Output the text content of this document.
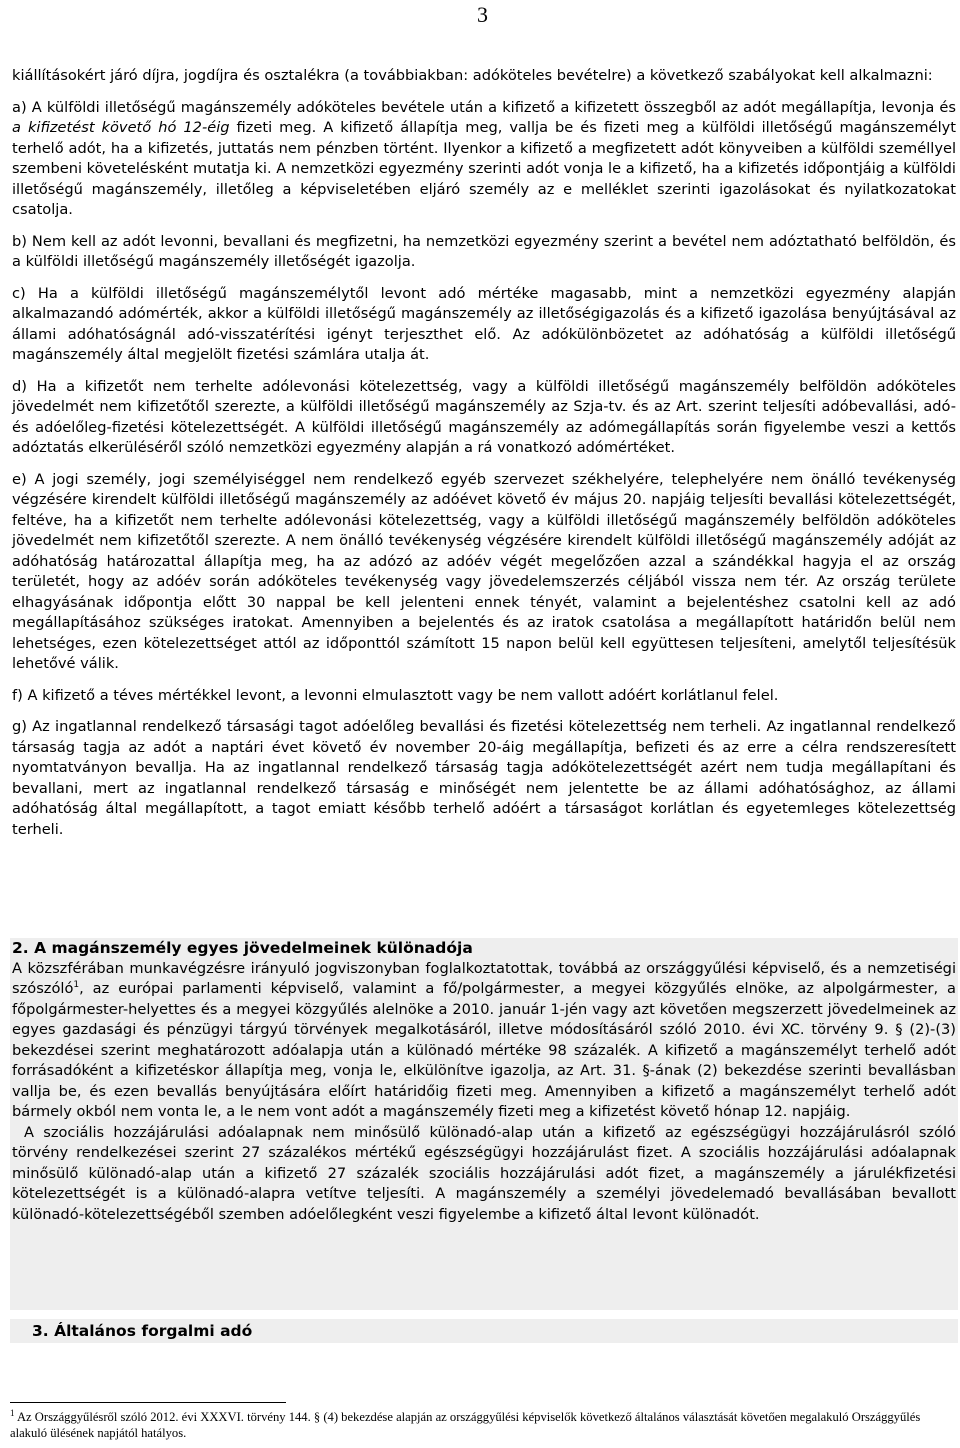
3

kiállításokért járó díjra, jogdíjra és osztalékra (a továbbiakban: adóköteles bevételre) a következő szabályokat kell alkalmazni:

a) A külföldi illetőségű magánszemély adóköteles bevétele után a kifizető a kifizetett összegből az adót megállapítja, levonja és a kifizetést követő hó 12-éig fizeti meg. A kifizető állapítja meg, vallja be és fizeti meg a külföldi illetőségű magánszemélyt terhelő adót, ha a kifizetés, juttatás nem pénzben történt. Ilyenkor a kifizető a megfizetett adót könyveiben a külföldi személlyel szembeni követelésként mutatja ki. A nemzetközi egyezmény szerinti adót vonja le a kifizető, ha a kifizetés időpontjáig a külföldi illetőségű magánszemély, illetőleg a képviseletében eljáró személy az e melléklet szerinti igazolásokat és nyilatkozatokat csatolja.

b) Nem kell az adót levonni, bevallani és megfizetni, ha nemzetközi egyezmény szerint a bevétel nem adóztatható belföldön, és a külföldi illetőségű magánszemély illetőségét igazolja.

c) Ha a külföldi illetőségű magánszemélytől levont adó mértéke magasabb, mint a nemzetközi egyezmény alapján alkalmazandó adómérték, akkor a külföldi illetőségű magánszemély az illetőségigazolás és a kifizető igazolása benyújtásával az állami adóhatóságnál adó-visszatérítési igényt terjeszthet elő. Az adókülönbözetet az adóhatóság a külföldi illetőségű magánszemély által megjelölt fizetési számlára utalja át.

d) Ha a kifizetőt nem terhelte adólevonási kötelezettség, vagy a külföldi illetőségű magánszemély belföldön adóköteles jövedelmét nem kifizetőtől szerezte, a külföldi illetőségű magánszemély az Szja-tv. és az Art. szerint teljesíti adóbevallási, adó- és adóelőleg-fizetési kötelezettségét. A külföldi illetőségű magánszemély az adómegállapítás során figyelembe veszi a kettős adóztatás elkerüléséről szóló nemzetközi egyezmény alapján a rá vonatkozó adómértéket.

e) A jogi személy, jogi személyiséggel nem rendelkező egyéb szervezet székhelyére, telephelyére nem önálló tevékenység végzésére kirendelt külföldi illetőségű magánszemély az adóévet követő év május 20. napjáig teljesíti bevallási kötelezettségét, feltéve, ha a kifizetőt nem terhelte adólevonási kötelezettség, vagy a külföldi illetőségű magánszemély belföldön adóköteles jövedelmét nem kifizetőtől szerezte. A nem önálló tevékenység végzésére kirendelt külföldi illetőségű magánszemély adóját az adóhatóság határozattal állapítja meg, ha az adózó az adóév végét megelőzően azzal a szándékkal hagyja el az ország területét, hogy az adóév során adóköteles tevékenység vagy jövedelemszerzés céljából vissza nem tér. Az ország területe elhagyásának időpontja előtt 30 nappal be kell jelenteni ennek tényét, valamint a bejelentéshez csatolni kell az adó megállapításához szükséges iratokat. Amennyiben a bejelentés és az iratok csatolása a megállapított határidőn belül nem lehetséges, ezen kötelezettséget attól az időponttól számított 15 napon belül kell együttesen teljesíteni, amelytől teljesítésük lehetővé válik.

f) A kifizető a téves mértékkel levont, a levonni elmulasztott vagy be nem vallott adóért korlátlanul felel.

g) Az ingatlannal rendelkező társasági tagot adóelőleg bevallási és fizetési kötelezettség nem terheli. Az ingatlannal rendelkező társaság tagja az adót a naptári évet követő év november 20-áig megállapítja, befizeti és az erre a célra rendszeresített nyomtatványon bevallja. Ha az ingatlannal rendelkező társaság tagja adókötelezettségét azért nem tudja megállapítani és bevallani, mert az ingatlannal rendelkező társaság e minőségét nem jelentette be az állami adóhatósághoz, az állami adóhatóság által megállapított, a tagot emiatt később terhelő adóért a társaságot korlátlan és egyetemleges kötelezettség terheli.

2. A magánszemély egyes jövedelmeinek különadója

A közszférában munkavégzésre irányuló jogviszonyban foglalkoztatottak, továbbá az országgyűlési képviselő, és a nemzetiségi szószóló$^1$, az európai parlamenti képviselő, valamint a fő/polgármester, a megyei közgyűlés elnöke, az alpolgármester, a főpolgármester-helyettes és a megyei közgyűlés alelnöke a 2010. január 1-jén vagy azt követően megszerzett jövedelmeinek az egyes gazdasági és pénzügyi tárgyú törvények megalkotásáról, illetve módosításáról szóló 2010. évi XC. törvény 9. § (2)-(3) bekezdései szerint meghatározott adóalapja után a különadó mértéke 98 százalék. A kifizető a magánszemélyt terhelő adót forrásadóként a kifizetéskor állapítja meg, vonja le, elkülönítve igazolja, az Art. 31. §-ának (2) bekezdése szerinti bevallásban vallja be, és ezen bevallás benyújtására előírt határidőig fizeti meg. Amennyiben a kifizető a magánszemélyt terhelő adót bármely okból nem vonta le, a le nem vont adót a magánszemély fizeti meg a kifizetést követő hónap 12. napjáig.

A szociális hozzájárulási adóalapnak nem minősülő különadó-alap után a kifizető az egészségügyi hozzájárulásról szóló törvény rendelkezései szerint 27 százalékos mértékű egészségügyi hozzájárulást fizet. A szociális hozzájárulási adóalapnak minősülő különadó-alap után a kifizető 27 százalék szociális hozzájárulási adót fizet, a magánszemély a járulékfizetési kötelezettségét is a különadó-alapra vetítve teljesíti. A magánszemély a személyi jövedelemadó bevallásában bevallott különadó-kötelezettségéből szemben adóelőlegként veszi figyelembe a kifizető által levont különadót.

3. Általános forgalmi adó
$^1$ Az Országgyűlésről szóló 2012. évi XXXVI. törvény 144. § (4) bekezdése alapján az országgyűlési képviselők következő általános választását követően megalakuló Országgyűlés alakuló ülésének napjától hatályos.
